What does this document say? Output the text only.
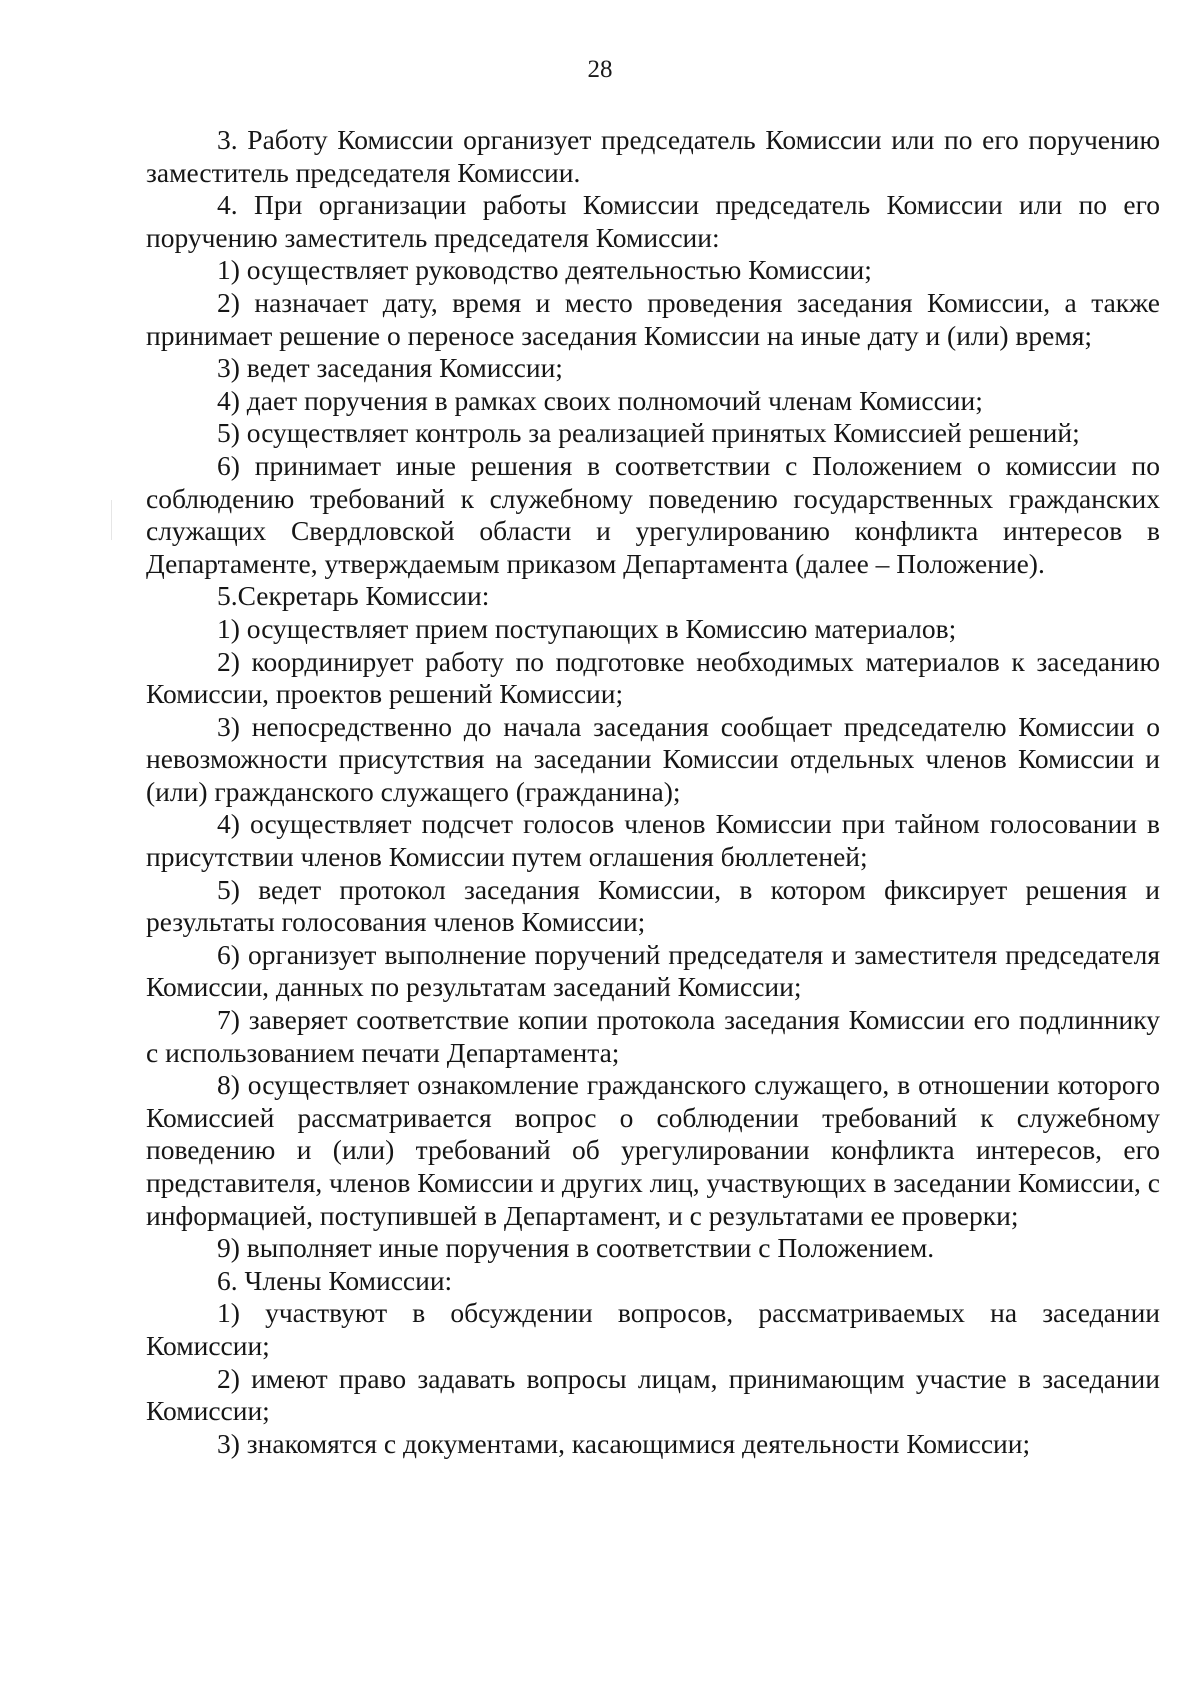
28

3. Работу Комиссии организует председатель Комиссии или по его поручению заместитель председателя Комиссии.

4. При организации работы Комиссии председатель Комиссии или по его поручению заместитель председателя Комиссии:

1) осуществляет руководство деятельностью Комиссии;

2) назначает дату, время и место проведения заседания Комиссии, а также принимает решение о переносе заседания Комиссии на иные дату и (или) время;

3) ведет заседания Комиссии;

4) дает поручения в рамках своих полномочий членам Комиссии;

5) осуществляет контроль за реализацией принятых Комиссией решений;

6) принимает иные решения в соответствии с Положением о комиссии по соблюдению требований к служебному поведению государственных гражданских служащих Свердловской области и урегулированию конфликта интересов в Департаменте, утверждаемым приказом Департамента (далее – Положение).

5.Секретарь Комиссии:

1) осуществляет прием поступающих в Комиссию материалов;

2) координирует работу по подготовке необходимых материалов к заседанию Комиссии, проектов решений Комиссии;

3) непосредственно до начала заседания сообщает председателю Комиссии о невозможности присутствия на заседании Комиссии отдельных членов Комиссии и (или) гражданского служащего (гражданина);

4) осуществляет подсчет голосов членов Комиссии при тайном голосовании в присутствии членов Комиссии путем оглашения бюллетеней;

5) ведет протокол заседания Комиссии, в котором фиксирует решения и результаты голосования членов Комиссии;

6) организует выполнение поручений председателя и заместителя председателя Комиссии, данных по результатам заседаний Комиссии;

7) заверяет соответствие копии протокола заседания Комиссии его подлиннику с использованием печати Департамента;

8) осуществляет ознакомление гражданского служащего, в отношении которого Комиссией рассматривается вопрос о соблюдении требований к служебному поведению и (или) требований об урегулировании конфликта интересов, его представителя, членов Комиссии и других лиц, участвующих в заседании Комиссии, с информацией, поступившей в Департамент, и с результатами ее проверки;

9) выполняет иные поручения в соответствии с Положением.

6. Члены Комиссии:

1) участвуют в обсуждении вопросов, рассматриваемых на заседании Комиссии;

2) имеют право задавать вопросы лицам, принимающим участие в заседании Комиссии;

3) знакомятся с документами, касающимися деятельности Комиссии;
